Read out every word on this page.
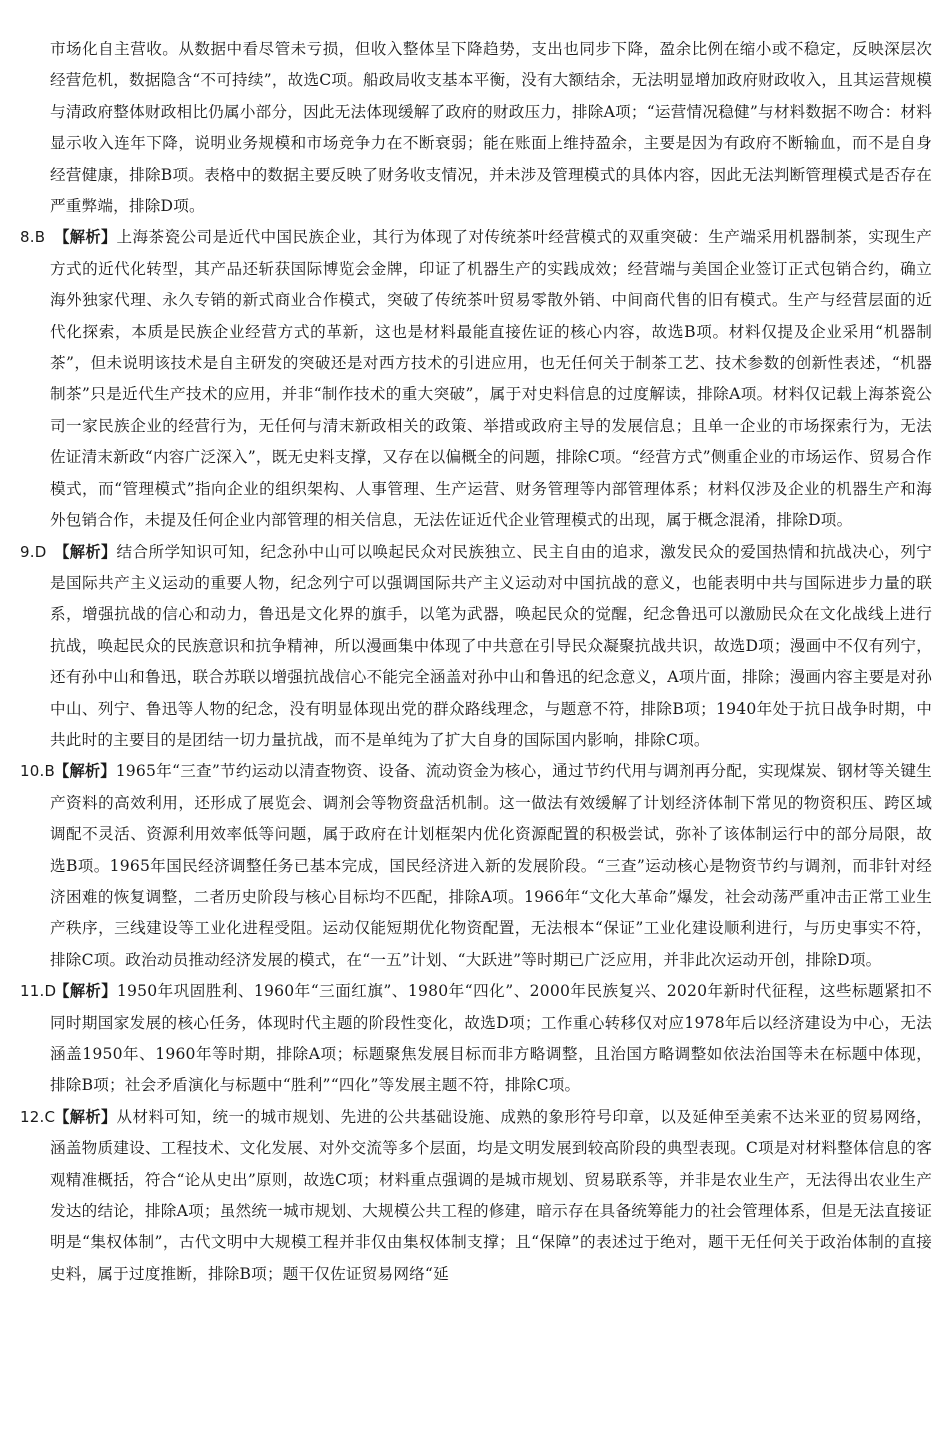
市场化自主营收。从数据中看尽管未亏损，但收入整体呈下降趋势，支出也同步下降，盈余比例在缩小或不稳定，反映深层次经营危机，数据隐含“不可持续”，故选C项。船政局收支基本平衡，没有大额结余，无法明显增加政府财政收入，且其运营规模与清政府整体财政相比仍属小部分，因此无法体现缓解了政府的财政压力，排除A项；“运营情况稳健”与材料数据不吻合：材料显示收入连年下降，说明业务规模和市场竞争力在不断衰弱；能在账面上维持盈余，主要是因为有政府不断输血，而不是自身经营健康，排除B项。表格中的数据主要反映了财务收支情况，并未涉及管理模式的具体内容，因此无法判断管理模式是否存在严重弊端，排除D项。

8.B 【解析】上海茶瓷公司是近代中国民族企业，其行为体现了对传统茶叶经营模式的双重突破：生产端采用机器制茶，实现生产方式的近代化转型，其产品还斩获国际博览会金牌，印证了机器生产的实践成效；经营端与美国企业签订正式包销合约，确立海外独家代理、永久专销的新式商业合作模式，突破了传统茶叶贸易零散外销、中间商代售的旧有模式。生产与经营层面的近代化探索，本质是民族企业经营方式的革新，这也是材料最能直接佐证的核心内容，故选B项。材料仅提及企业采用“机器制茶”，但未说明该技术是自主研发的突破还是对西方技术的引进应用，也无任何关于制茶工艺、技术参数的创新性表述，“机器制茶”只是近代生产技术的应用，并非“制作技术的重大突破”，属于对史料信息的过度解读，排除A项。材料仅记载上海茶瓷公司一家民族企业的经营行为，无任何与清末新政相关的政策、举措或政府主导的发展信息；且单一企业的市场探索行为，无法佐证清末新政“内容广泛深入”，既无史料支撑，又存在以偏概全的问题，排除C项。“经营方式”侧重企业的市场运作、贸易合作模式，而“管理模式”指向企业的组织架构、人事管理、生产运营、财务管理等内部管理体系；材料仅涉及企业的机器生产和海外包销合作，未提及任何企业内部管理的相关信息，无法佐证近代企业管理模式的出现，属于概念混淆，排除D项。

9.D 【解析】结合所学知识可知，纪念孙中山可以唤起民众对民族独立、民主自由的追求，激发民众的爱国热情和抗战决心，列宁是国际共产主义运动的重要人物，纪念列宁可以强调国际共产主义运动对中国抗战的意义，也能表明中共与国际进步力量的联系，增强抗战的信心和动力，鲁迅是文化界的旗手，以笔为武器，唤起民众的觉醒，纪念鲁迅可以激励民众在文化战线上进行抗战，唤起民众的民族意识和抗争精神，所以漫画集中体现了中共意在引导民众凝聚抗战共识，故选D项；漫画中不仅有列宁，还有孙中山和鲁迅，联合苏联以增强抗战信心不能完全涵盖对孙中山和鲁迅的纪念意义，A项片面，排除；漫画内容主要是对孙中山、列宁、鲁迅等人物的纪念，没有明显体现出党的群众路线理念，与题意不符，排除B项；1940年处于抗日战争时期，中共此时的主要目的是团结一切力量抗战，而不是单纯为了扩大自身的国际国内影响，排除C项。

10.B【解析】1965年“三查”节约运动以清查物资、设备、流动资金为核心，通过节约代用与调剂再分配，实现煤炭、钢材等关键生产资料的高效利用，还形成了展览会、调剂会等物资盘活机制。这一做法有效缓解了计划经济体制下常见的物资积压、跨区域调配不灵活、资源利用效率低等问题，属于政府在计划框架内优化资源配置的积极尝试，弥补了该体制运行中的部分局限，故选B项。1965年国民经济调整任务已基本完成，国民经济进入新的发展阶段。“三查”运动核心是物资节约与调剂，而非针对经济困难的恢复调整，二者历史阶段与核心目标均不匹配，排除A项。1966年“文化大革命”爆发，社会动荡严重冲击正常工业生产秩序，三线建设等工业化进程受阻。运动仅能短期优化物资配置，无法根本“保证”工业化建设顺利进行，与历史事实不符，排除C项。政治动员推动经济发展的模式，在“一五”计划、“大跃进”等时期已广泛应用，并非此次运动开创，排除D项。

11.D【解析】1950年巩固胜利、1960年“三面红旗”、1980年“四化”、2000年民族复兴、2020年新时代征程，这些标题紧扣不同时期国家发展的核心任务，体现时代主题的阶段性变化，故选D项；工作重心转移仅对应1978年后以经济建设为中心，无法涵盖1950年、1960年等时期，排除A项；标题聚焦发展目标而非方略调整，且治国方略调整如依法治国等未在标题中体现，排除B项；社会矛盾演化与标题中“胜利”“四化”等发展主题不符，排除C项。

12.C【解析】从材料可知，统一的城市规划、先进的公共基础设施、成熟的象形符号印章，以及延伸至美索不达米亚的贸易网络，涵盖物质建设、工程技术、文化发展、对外交流等多个层面，均是文明发展到较高阶段的典型表现。C项是对材料整体信息的客观精准概括，符合“论从史出”原则，故选C项；材料重点强调的是城市规划、贸易联系等，并非是农业生产，无法得出农业生产发达的结论，排除A项；虽然统一城市规划、大规模公共工程的修建，暗示存在具备统筹能力的社会管理体系，但是无法直接证明是“集权体制”，古代文明中大规模工程并非仅由集权体制支撑；且“保障”的表述过于绝对，题干无任何关于政治体制的直接史料，属于过度推断，排除B项；题干仅佐证贸易网络“延
